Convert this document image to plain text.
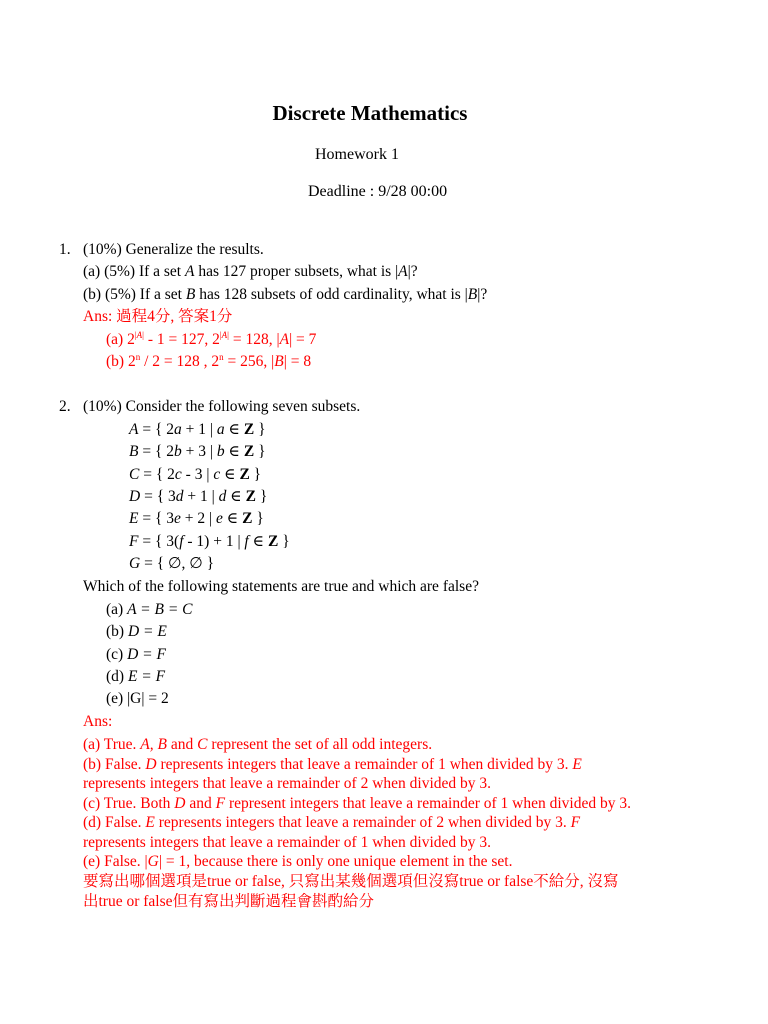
Discrete Mathematics
Homework 1
Deadline : 9/28 00:00
1. (10%) Generalize the results.
(a) (5%) If a set A has 127 proper subsets, what is |A|?
(b) (5%) If a set B has 128 subsets of odd cardinality, what is |B|?
Ans: 過程4分, 答案1分
(a) $2^{|A|} - 1 = 127$, $2^{|A|} = 128$, |A| = 7
(b) 2$^n$ / 2 = 128 , $2^n = 256$, |B| = 8
2. (10%) Consider the following seven subsets.
A = { 2a + 1 | a ∈ Z }
B = { 2b + 3 | b ∈ Z }
C = { 2c - 3 | c ∈ Z }
D = { 3d + 1 | d ∈ Z }
E = { 3e + 2 | e ∈ Z }
F = { 3(f - 1) + 1 | f ∈ Z }
G = { ∅, ∅ }
Which of the following statements are true and which are false?
(a) A = B = C
(b) D = E
(c) D = F
(d) E = F
(e) |G| = 2
Ans:
(a) True. A, B and C represent the set of all odd integers.
(b) False. D represents integers that leave a remainder of 1 when divided by 3. E
represents integers that leave a remainder of 2 when divided by 3.
(c) True. Both D and F represent integers that leave a remainder of 1 when divided by 3.
(d) False. E represents integers that leave a remainder of 2 when divided by 3. F
represents integers that leave a remainder of 1 when divided by 3.
(e) False. |G| = 1, because there is only one unique element in the set.
要寫出哪個選項是true or false, 只寫出某幾個選項但沒寫true or false不給分, 沒寫
出true or false但有寫出判斷過程會斟酌給分
